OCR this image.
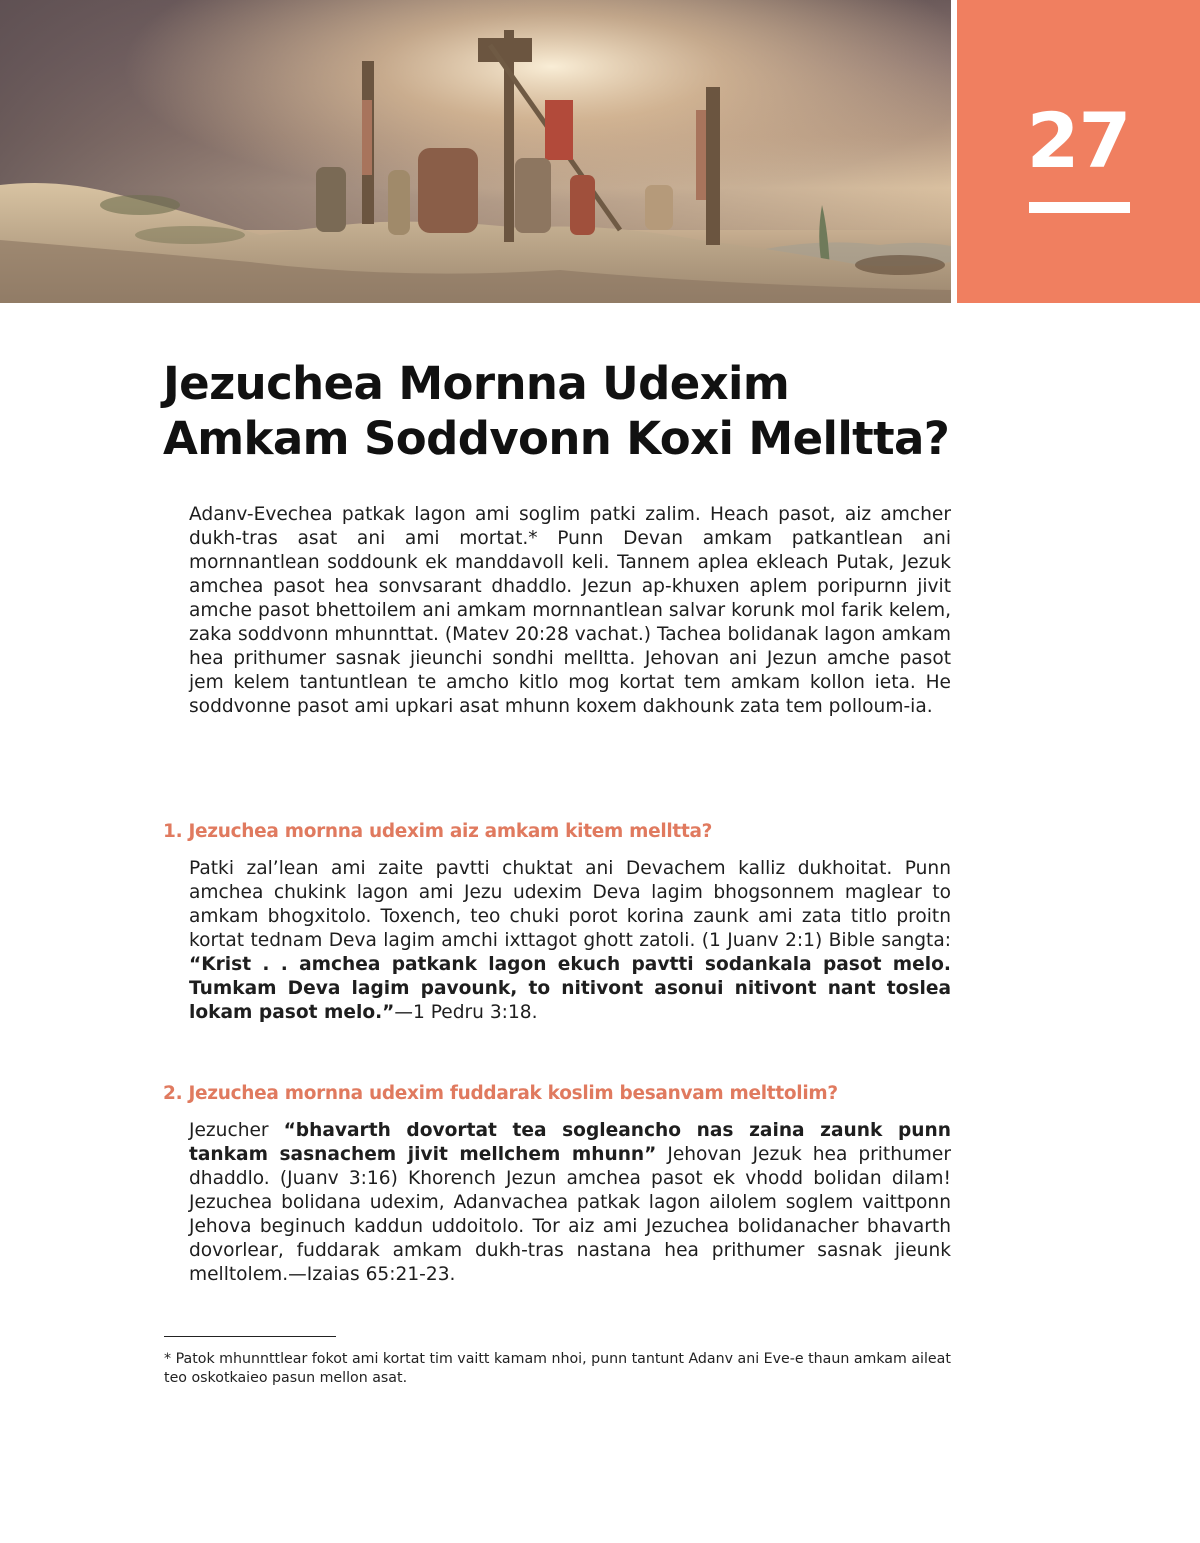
27
Jezuchea Mornna Udexim
Amkam Soddvonn Koxi Melltta?

Adanv-Evechea patkak lagon ami soglim patki zalim. Heach pasot, aiz amcher dukh-tras asat ani ami mortat.* Punn Devan amkam patkantlean ani mornnantlean soddounk ek manddavoll keli. Tannem aplea ekleach Putak, Jezuk amchea pasot hea sonvsarant dhaddlo. Jezun ap-khuxen aplem poripurnn jivit amche pasot bhettoilem ani amkam mornnantlean salvar korunk mol farik kelem, zaka soddvonn mhunnttat. (Matev 20:28 vachat.) Tachea bolidanak lagon amkam hea prithumer sasnak jieunchi sondhi melltta. Jehovan ani Jezun amche pasot jem kelem tantuntlean te amcho kitlo mog kortat tem amkam kollon ieta. He soddvonne pasot ami upkari asat mhunn koxem dakhounk zata tem polloum-ia.

1. Jezuchea mornna udexim aiz amkam kitem melltta?

Patki zal’lean ami zaite pavtti chuktat ani Devachem kalliz dukhoitat. Punn amchea chukink lagon ami Jezu udexim Deva lagim bhogsonnem maglear to amkam bhogxitolo. Toxench, teo chuki porot korina zaunk ami zata titlo proitn kortat tednam Deva lagim amchi ixttagot ghott zatoli. (1 Juanv 2:1) Bible sangta: “Krist . . amchea patkank lagon ekuch pavtti sodankala pasot melo. Tumkam Deva lagim pavounk, to nitivont asonui nitivont nant toslea lokam pasot melo.”—1 Pedru 3:18.

2. Jezuchea mornna udexim fuddarak koslim besanvam melttolim?

Jezucher “bhavarth dovortat tea sogleancho nas zaina zaunk punn tankam sasnachem jivit mellchem mhunn” Jehovan Jezuk hea prithumer dhaddlo. (Juanv 3:16) Khorench Jezun amchea pasot ek vhodd bolidan dilam! Jezuchea bolidana udexim, Adanvachea patkak lagon ailolem soglem vaittponn Jehova beginuch kaddun uddoitolo. Tor aiz ami Jezuchea bolidanacher bhavarth dovorlear, fuddarak amkam dukh-tras nastana hea prithumer sasnak jieunk melltolem.—Izaias 65:21-23.

* Patok mhunnttlear fokot ami kortat tim vaitt kamam nhoi, punn tantunt Adanv ani Eve-e thaun amkam aileat teo oskotkaieo pasun mellon asat.
